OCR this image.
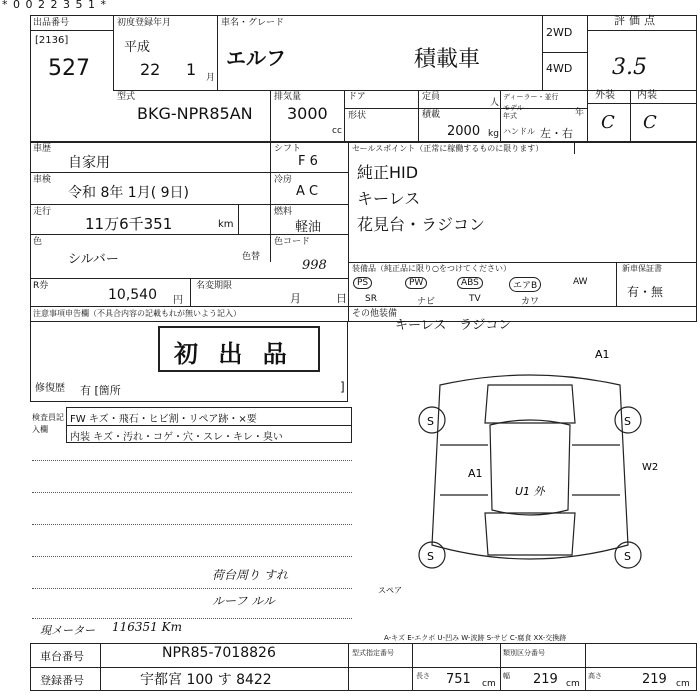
* 0 0 2 2 3 5 1 *
出品番号
[2136]
527
初度登録年月
平成
22 1 月
車名・グレード
エルフ	積載車
2WD
4WD
評価点
3.5
外装 内装
C C
型式
BKG-NPR85AN
排気量
3000
cc
ドア
形状
定員
人
積載
2000 kg
ディーラー・並行
モデル年式	年
ハンドル 左・右
車歴
自家用
車検
令和 8年 1月( 9日)
走行
11万6千351	km
色
シルバー	色替
シフト
F 6
冷房
A C
燃料
軽油
色コード
998
セールスポイント（正常に稼働するものに限ります）
純正HID
キーレス
花見台・ラジコン
R券
10,540 円
名変期限
月	日
装備品（純正品に限り○をつけてください）	新車保証書
有・無
PS	PW	ABS	エアB	AW
SR	ナビ	TV	カワ
注意事項申告欄（不具合内容の記載もれが無いよう記入）	その他装備
キーレス　ラジコン
初 出 品
修復歴 有 [箇所	]
検査員記入欄
FW キズ・飛石・ヒビ割・リペア跡・×要
内装 キズ・汚れ・コゲ・穴・スレ・キレ・臭い
A1
S	S
S	S
A1
U1 外
W2
スペア
荷台周り すれ
ルーフ ルル
現メーター 116351 Km
A-キズ E-エクボ U-凹み W-波跡 S-サビ C-腐食 XX-交換跡
車台番号	NPR85-7018826
登録番号	宇都宮 100 す 8422
型式指定番号	類別区分番号
長さ 751 cm
幅 219 cm
高さ	219 cm
